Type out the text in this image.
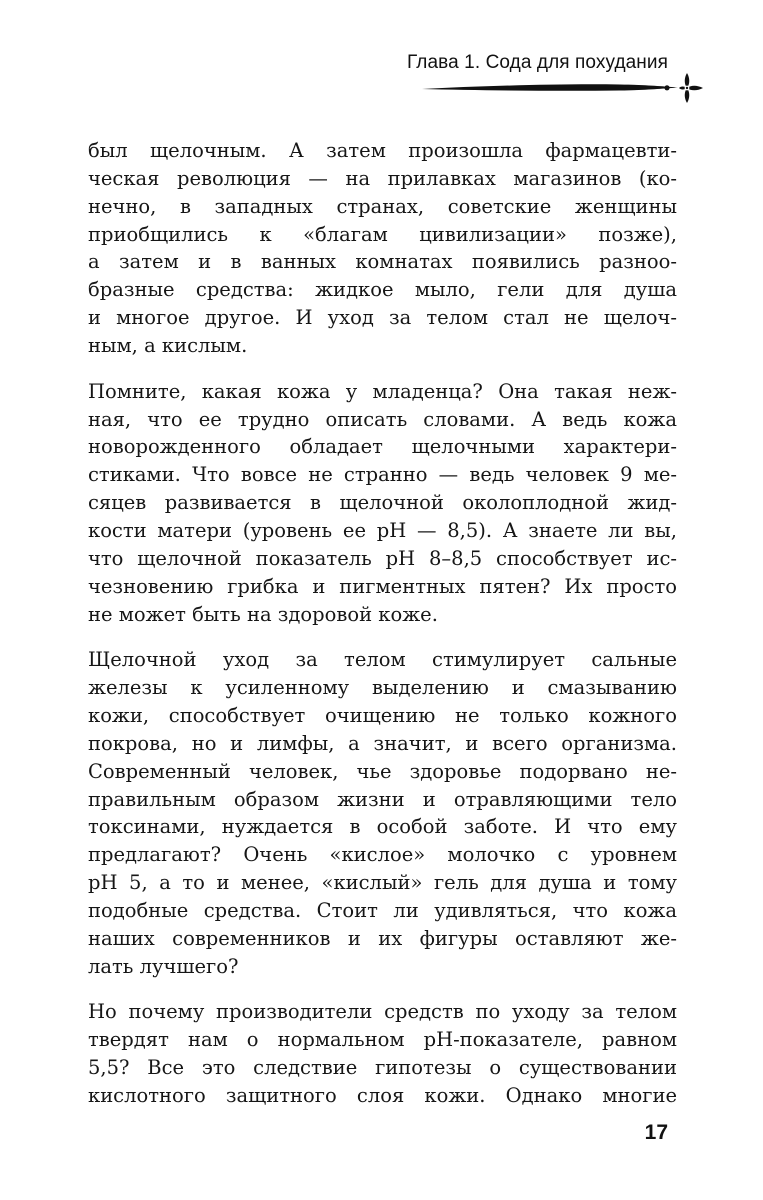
Глава 1. Сода для похудания
был щелочным. А затем произошла фармацевти-
ческая революция — на прилавках магазинов (ко-
нечно, в западных странах, советские женщины
приобщились к «благам цивилизации» позже),
а затем и в ванных комнатах появились разноо-
бразные средства: жидкое мыло, гели для душа
и многое другое. И уход за телом стал не щелоч-
ным, а кислым.
Помните, какая кожа у младенца? Она такая неж-
ная, что ее трудно описать словами. А ведь кожа
новорожденного обладает щелочными характери-
стиками. Что вовсе не странно — ведь человек 9 ме-
сяцев развивается в щелочной околоплодной жид-
кости матери (уровень ее pH — 8,5). А знаете ли вы,
что щелочной показатель pH 8–8,5 способствует ис-
чезновению грибка и пигментных пятен? Их просто
не может быть на здоровой коже.
Щелочной уход за телом стимулирует сальные
железы к усиленному выделению и смазыванию
кожи, способствует очищению не только кожного
покрова, но и лимфы, а значит, и всего организма.
Современный человек, чье здоровье подорвано не-
правильным образом жизни и отравляющими тело
токсинами, нуждается в особой заботе. И что ему
предлагают? Очень «кислое» молочко с уровнем
pH 5, а то и менее, «кислый» гель для душа и тому
подобные средства. Стоит ли удивляться, что кожа
наших современников и их фигуры оставляют же-
лать лучшего?
Но почему производители средств по уходу за телом
твердят нам о нормальном pH-показателе, равном
5,5? Все это следствие гипотезы о существовании
кислотного защитного слоя кожи. Однако многие
17
